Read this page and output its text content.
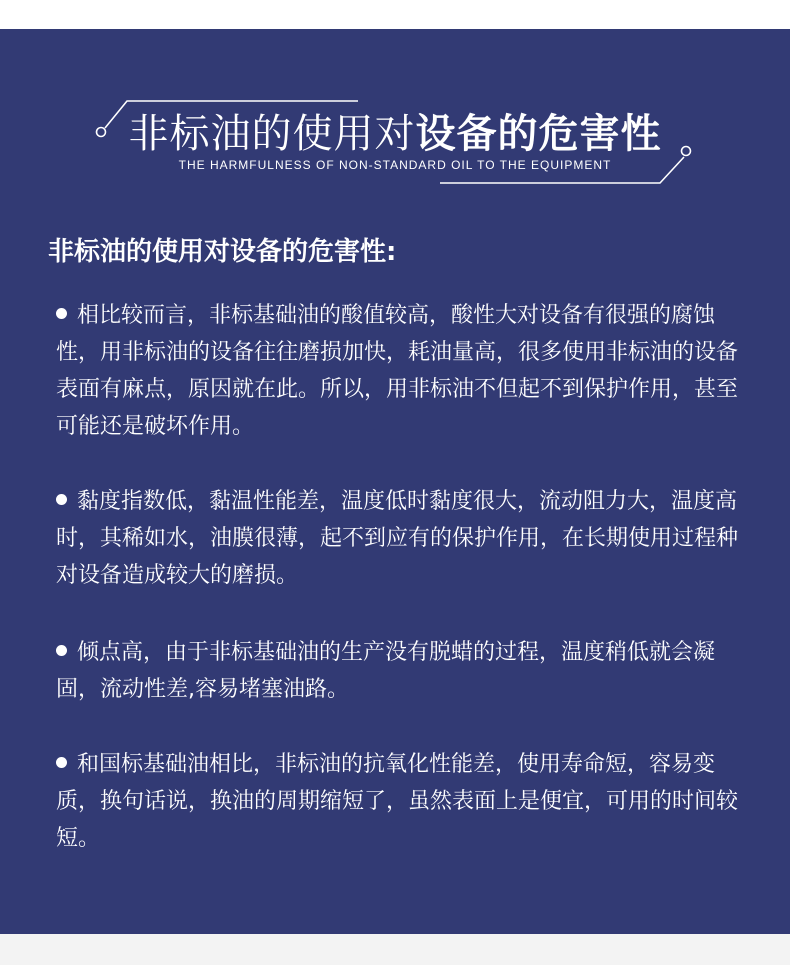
非标油的使用对设备的危害性
THE HARMFULNESS OF NON-STANDARD OIL TO THE EQUIPMENT
非标油的使用对设备的危害性:

相比较而言，非标基础油的酸值较高，酸性大对设备有很强的腐蚀性，用非标油的设备往往磨损加快，耗油量高，很多使用非标油的设备表面有麻点，原因就在此。所以，用非标油不但起不到保护作用，甚至可能还是破坏作用。

黏度指数低，黏温性能差，温度低时黏度很大，流动阻力大，温度高时，其稀如水，油膜很薄，起不到应有的保护作用，在长期使用过程种对设备造成较大的磨损。

倾点高，由于非标基础油的生产没有脱蜡的过程，温度稍低就会凝固，流动性差,容易堵塞油路。

和国标基础油相比，非标油的抗氧化性能差，使用寿命短，容易变质，换句话说，换油的周期缩短了，虽然表面上是便宜，可用的时间较短。
